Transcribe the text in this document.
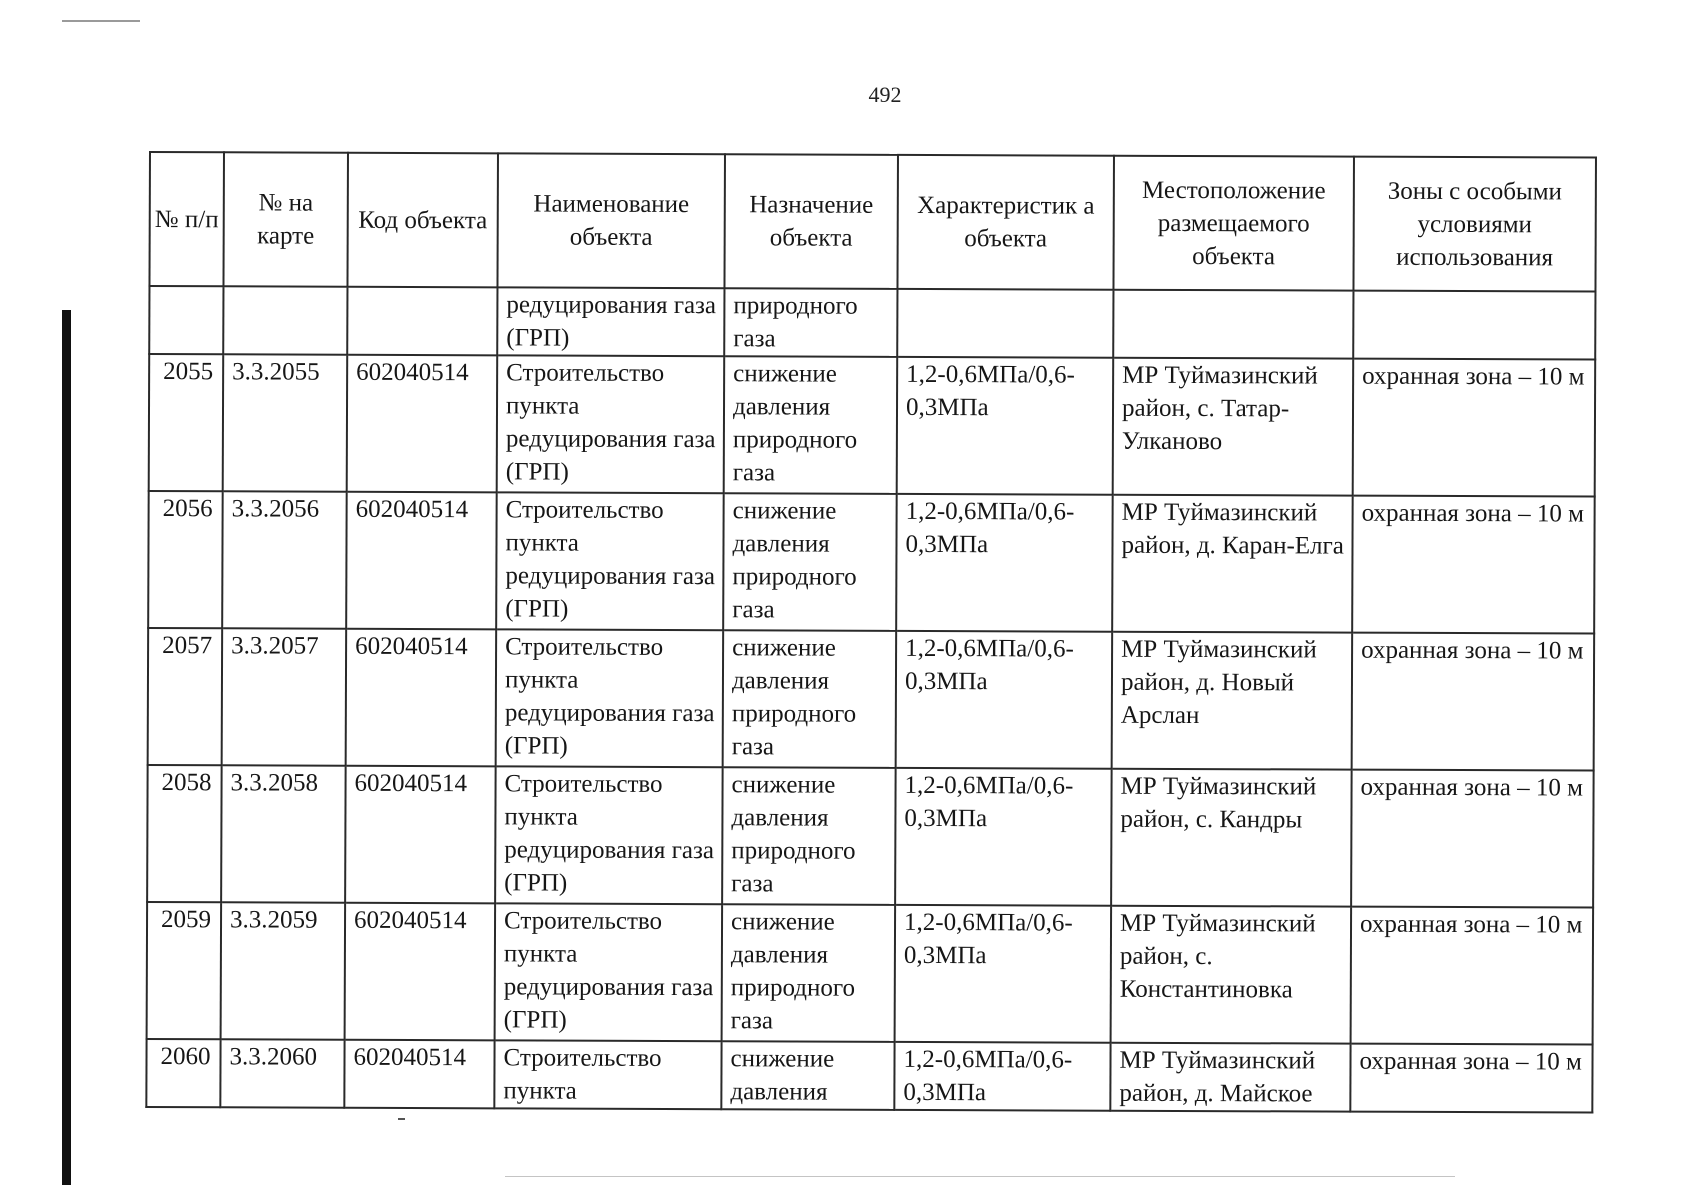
492
№ п/п	№ на карте	Код объекта	Наименование объекта	Назначение объекта	Характеристик а объекта	Местоположение размещаемого объекта	Зоны с особыми условиями использования
			редуцирования газа (ГРП)	природного газа			
2055	3.3.2055	602040514	Строительство пункта редуцирования газа (ГРП)	снижение давления природного газа	1,2-0,6МПа/0,6-0,3МПа	МР Туймазинский район, с. Татар-Улканово	охранная зона – 10 м
2056	3.3.2056	602040514	Строительство пункта редуцирования газа (ГРП)	снижение давления природного газа	1,2-0,6МПа/0,6-0,3МПа	МР Туймазинский район, д. Каран-Елга	охранная зона – 10 м
2057	3.3.2057	602040514	Строительство пункта редуцирования газа (ГРП)	снижение давления природного газа	1,2-0,6МПа/0,6-0,3МПа	МР Туймазинский район, д. Новый Арслан	охранная зона – 10 м
2058	3.3.2058	602040514	Строительство пункта редуцирования газа (ГРП)	снижение давления природного газа	1,2-0,6МПа/0,6-0,3МПа	МР Туймазинский район, с. Кандры	охранная зона – 10 м
2059	3.3.2059	602040514	Строительство пункта редуцирования газа (ГРП)	снижение давления природного газа	1,2-0,6МПа/0,6-0,3МПа	МР Туймазинский район, с. Константиновка	охранная зона – 10 м
2060	3.3.2060	602040514	Строительство пункта	снижение давления	1,2-0,6МПа/0,6-0,3МПа	МР Туймазинский район, д. Майское	охранная зона – 10 м
